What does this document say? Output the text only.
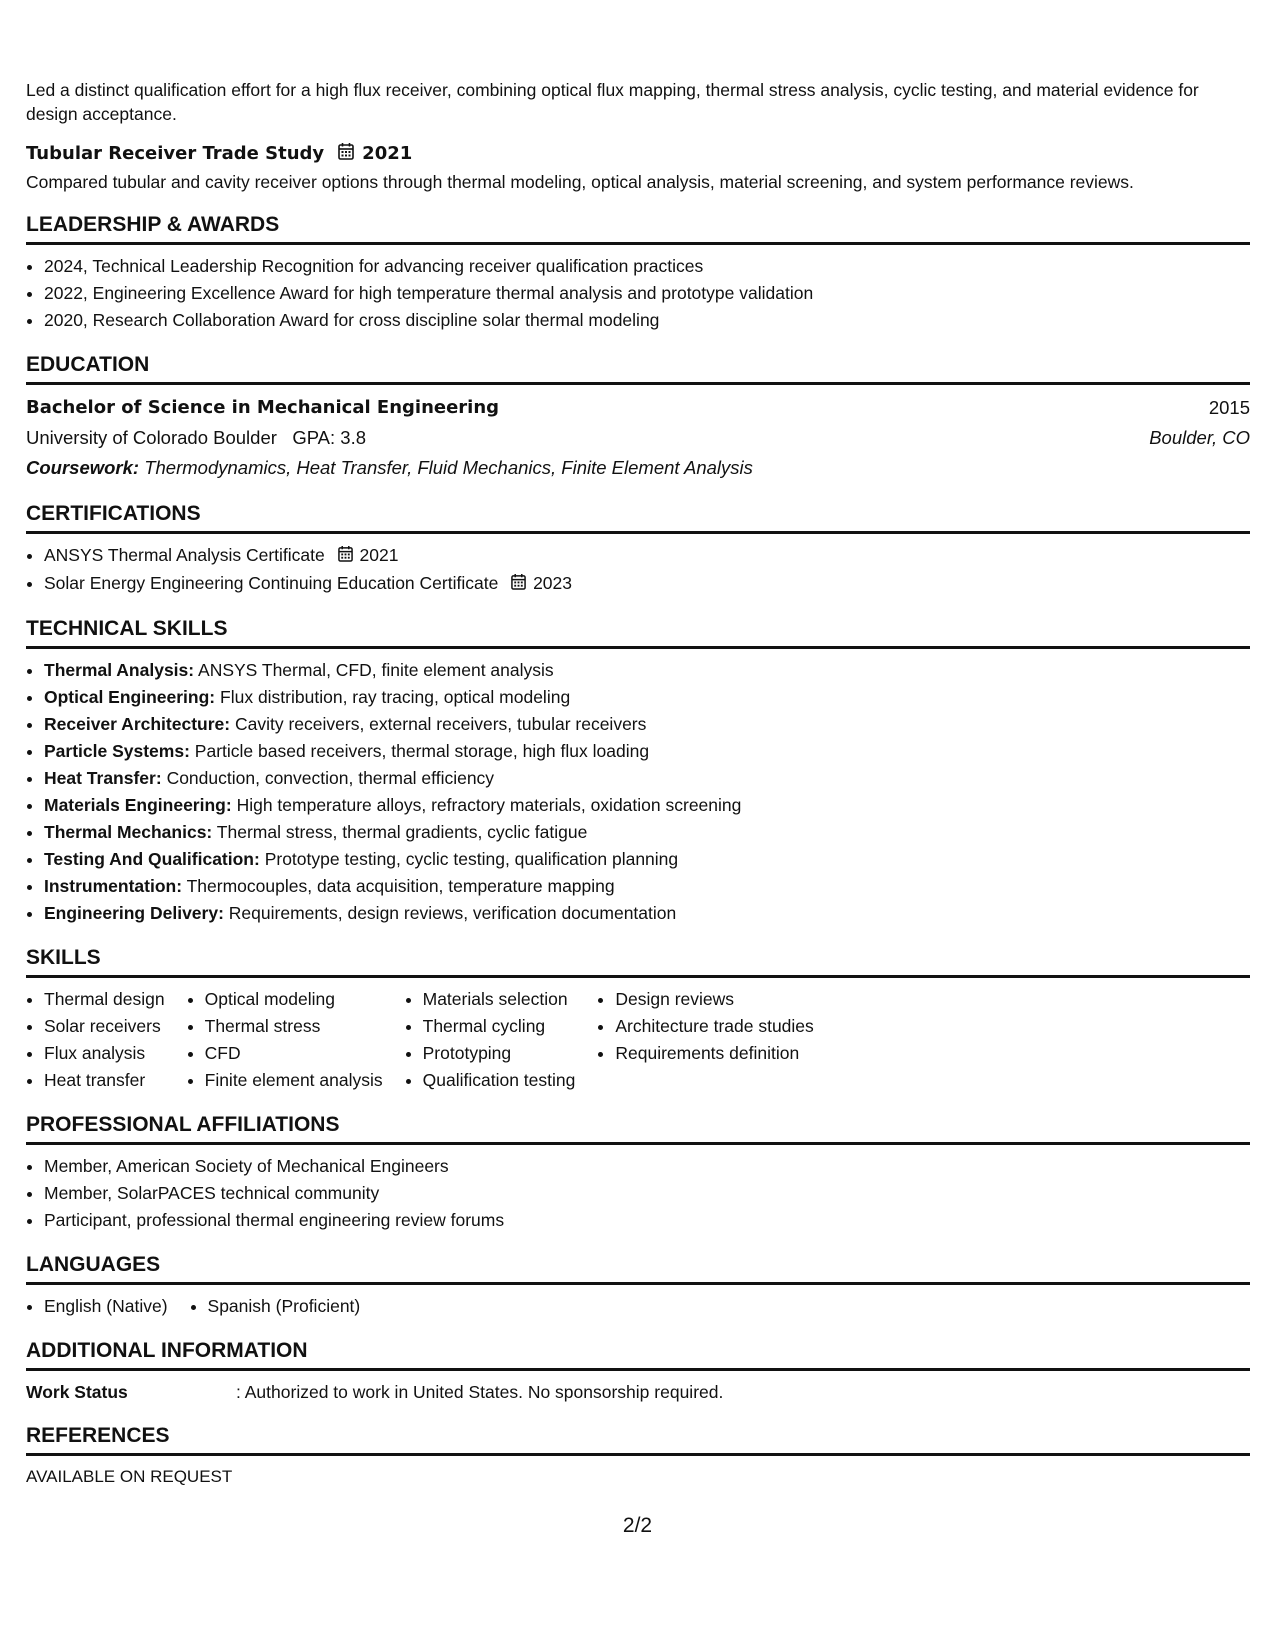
Led a distinct qualification effort for a high flux receiver, combining optical flux mapping, thermal stress analysis, cyclic testing, and material evidence for design acceptance.

Tubular Receiver Trade Study 2021
Compared tubular and cavity receiver options through thermal modeling, optical analysis, material screening, and system performance reviews.
LEADERSHIP & AWARDS
• 2024, Technical Leadership Recognition for advancing receiver qualification practices
• 2022, Engineering Excellence Award for high temperature thermal analysis and prototype validation
• 2020, Research Collaboration Award for cross discipline solar thermal modeling
EDUCATION
Bachelor of Science in Mechanical Engineering	2015
University of Colorado Boulder GPA: 3.8	Boulder, CO
Coursework: Thermodynamics, Heat Transfer, Fluid Mechanics, Finite Element Analysis
CERTIFICATIONS
• ANSYS Thermal Analysis Certificate 2021
• Solar Energy Engineering Continuing Education Certificate 2023
TECHNICAL SKILLS
• Thermal Analysis: ANSYS Thermal, CFD, finite element analysis
• Optical Engineering: Flux distribution, ray tracing, optical modeling
• Receiver Architecture: Cavity receivers, external receivers, tubular receivers
• Particle Systems: Particle based receivers, thermal storage, high flux loading
• Heat Transfer: Conduction, convection, thermal efficiency
• Materials Engineering: High temperature alloys, refractory materials, oxidation screening
• Thermal Mechanics: Thermal stress, thermal gradients, cyclic fatigue
• Testing And Qualification: Prototype testing, cyclic testing, qualification planning
• Instrumentation: Thermocouples, data acquisition, temperature mapping
• Engineering Delivery: Requirements, design reviews, verification documentation
SKILLS
• Thermal design
• Solar receivers
• Flux analysis
• Heat transfer
• Optical modeling
• Thermal stress
• CFD
• Finite element analysis
• Materials selection
• Thermal cycling
• Prototyping
• Qualification testing
• Design reviews
• Architecture trade studies
• Requirements definition
PROFESSIONAL AFFILIATIONS
• Member, American Society of Mechanical Engineers
• Member, SolarPACES technical community
• Participant, professional thermal engineering review forums
LANGUAGES
• English (Native)
• Spanish (Proficient)
ADDITIONAL INFORMATION
Work Status	: Authorized to work in United States. No sponsorship required.
REFERENCES
AVAILABLE ON REQUEST
2/2
